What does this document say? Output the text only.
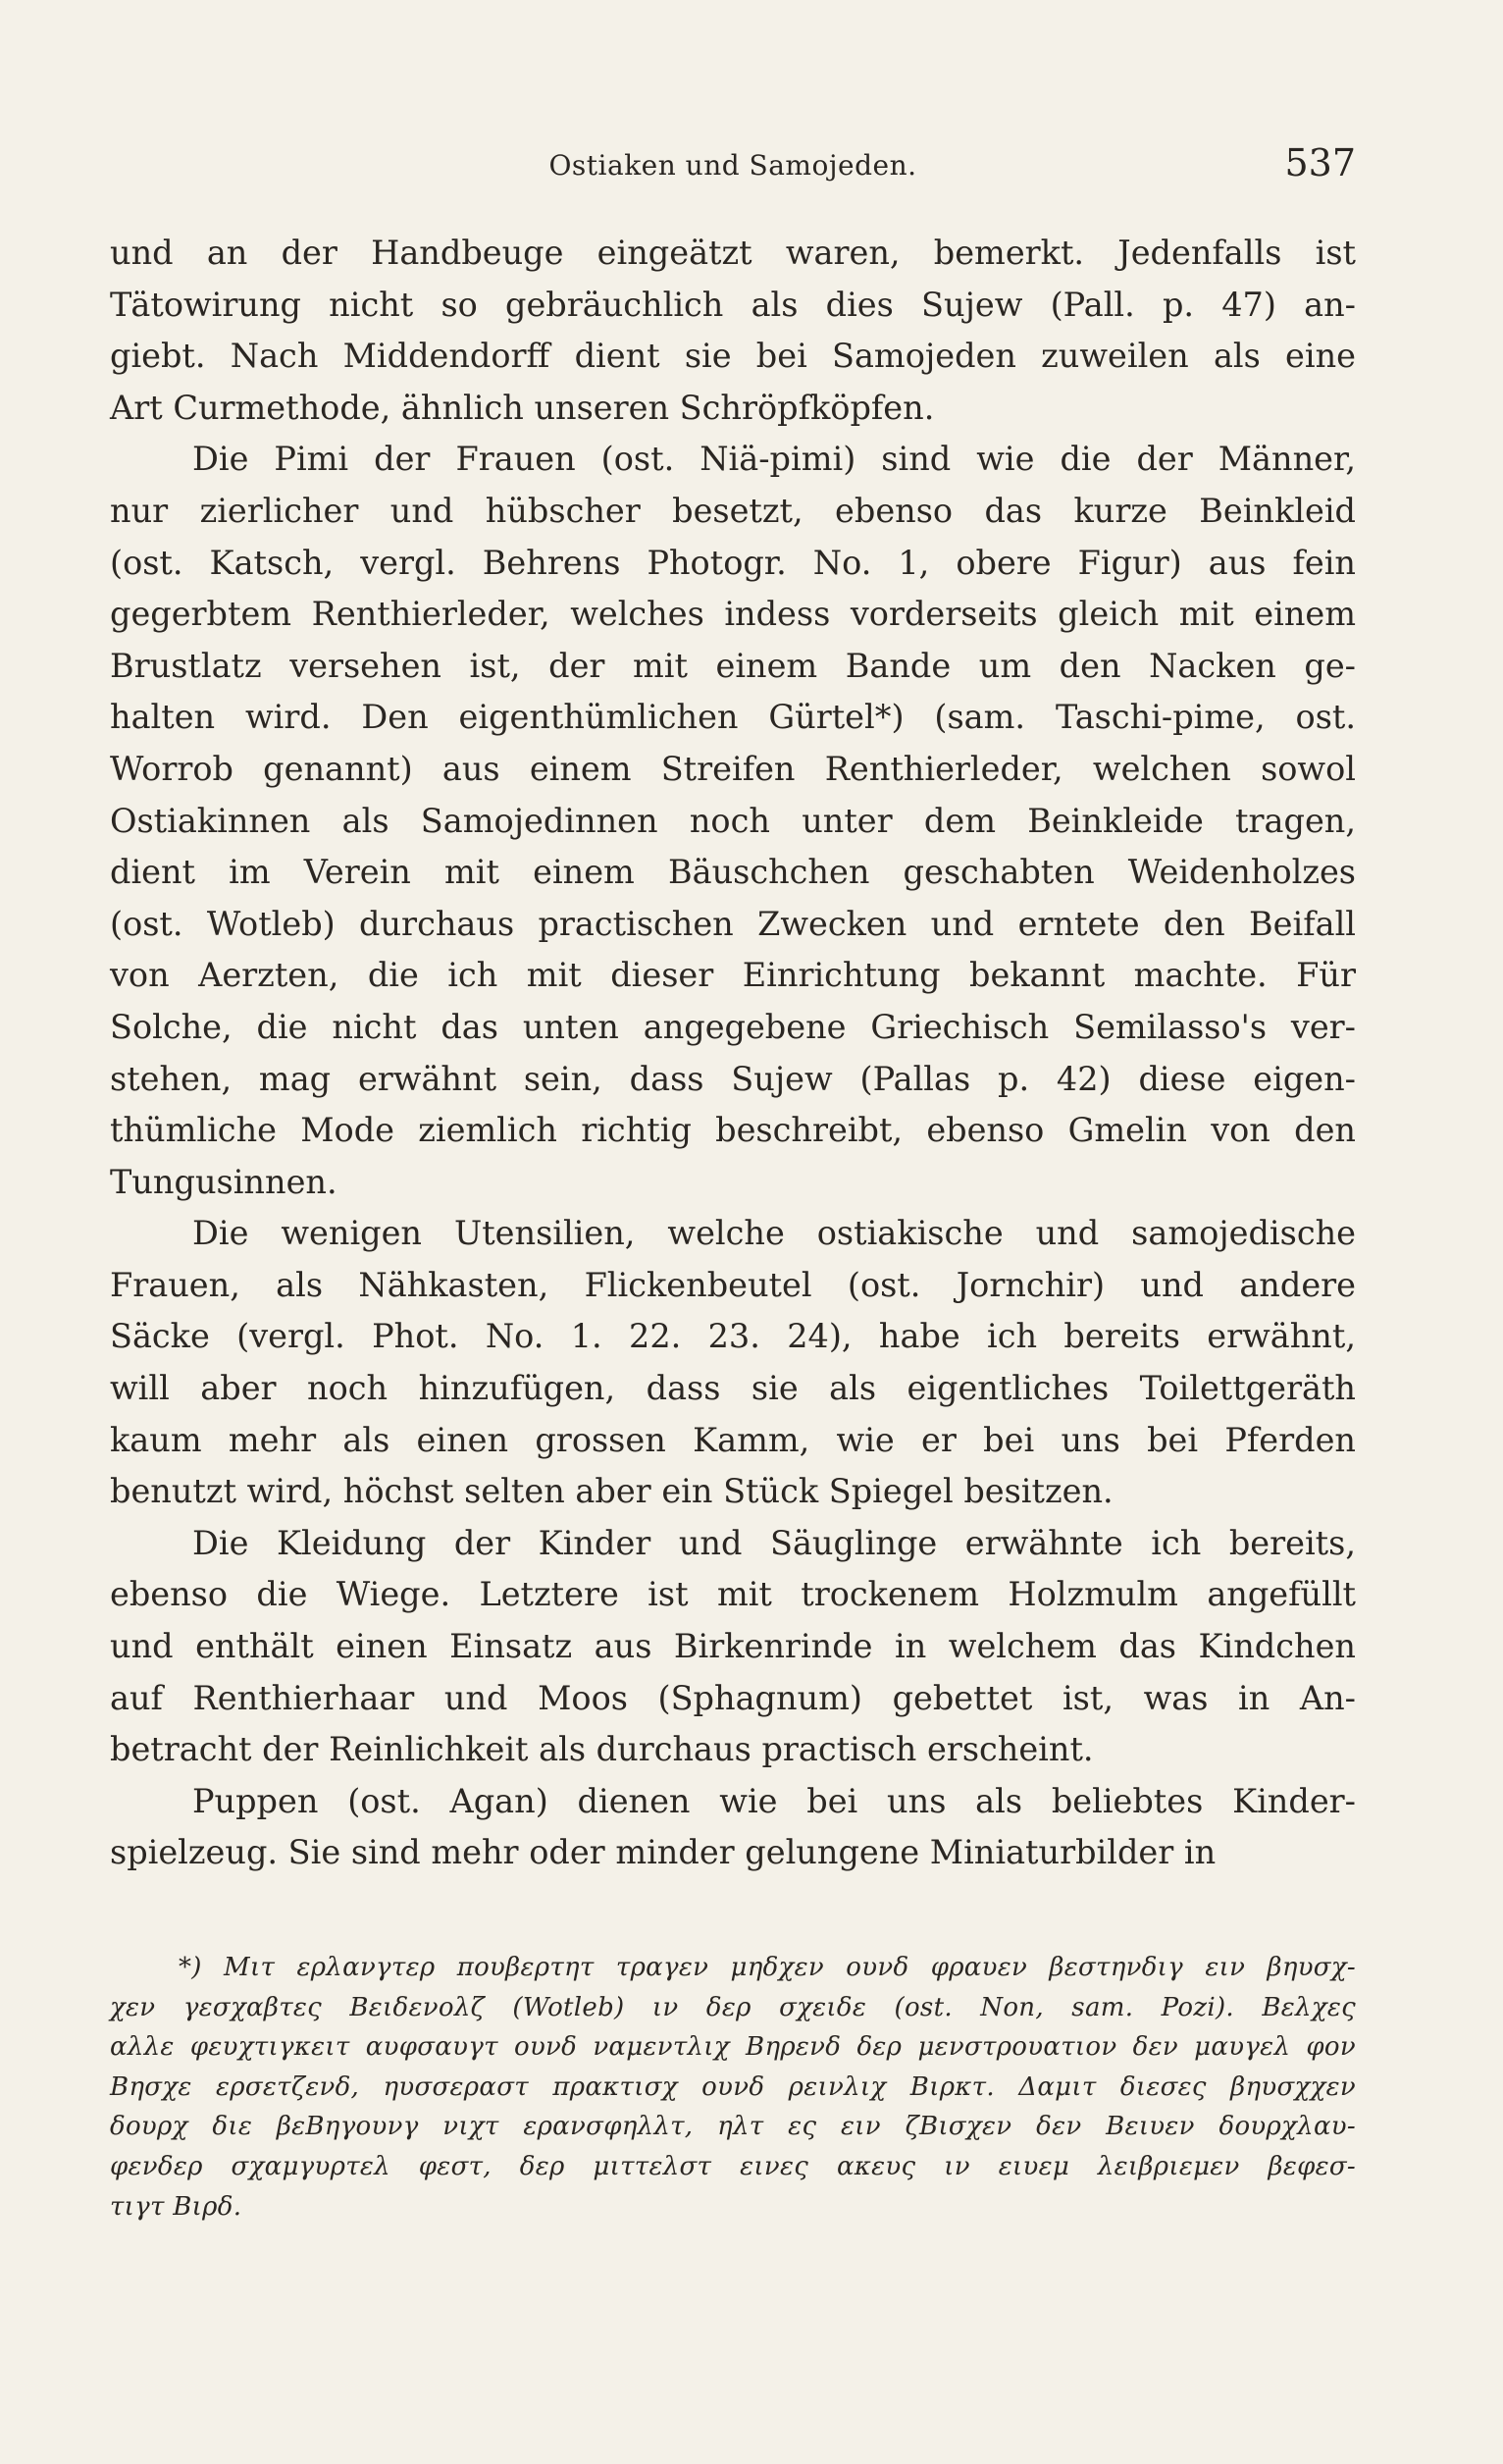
Ostiaken und Samojeden.	537
und an der Handbeuge eingeätzt waren, bemerkt. Jedenfalls ist
Tätowirung nicht so gebräuchlich als dies Sujew (Pall. p. 47) an-
giebt. Nach Middendorff dient sie bei Samojeden zuweilen als eine
Art Curmethode, ähnlich unseren Schröpfköpfen.
Die Pimi der Frauen (ost. Niä-pimi) sind wie die der Männer,
nur zierlicher und hübscher besetzt, ebenso das kurze Beinkleid
(ost. Katsch, vergl. Behrens Photogr. No. 1, obere Figur) aus fein
gegerbtem Renthierleder, welches indess vorderseits gleich mit einem
Brustlatz versehen ist, der mit einem Bande um den Nacken ge-
halten wird. Den eigenthümlichen Gürtel*) (sam. Taschi-pime, ost.
Worrob genannt) aus einem Streifen Renthierleder, welchen sowol
Ostiakinnen als Samojedinnen noch unter dem Beinkleide tragen,
dient im Verein mit einem Bäuschchen geschabten Weidenholzes
(ost. Wotleb) durchaus practischen Zwecken und erntete den Beifall
von Aerzten, die ich mit dieser Einrichtung bekannt machte. Für
Solche, die nicht das unten angegebene Griechisch Semilasso's ver-
stehen, mag erwähnt sein, dass Sujew (Pallas p. 42) diese eigen-
thümliche Mode ziemlich richtig beschreibt, ebenso Gmelin von den
Tungusinnen.
Die wenigen Utensilien, welche ostiakische und samojedische
Frauen, als Nähkasten, Flickenbeutel (ost. Jornchir) und andere
Säcke (vergl. Phot. No. 1. 22. 23. 24), habe ich bereits erwähnt,
will aber noch hinzufügen, dass sie als eigentliches Toilettgeräth
kaum mehr als einen grossen Kamm, wie er bei uns bei Pferden
benutzt wird, höchst selten aber ein Stück Spiegel besitzen.
Die Kleidung der Kinder und Säuglinge erwähnte ich bereits,
ebenso die Wiege. Letztere ist mit trockenem Holzmulm angefüllt
und enthält einen Einsatz aus Birkenrinde in welchem das Kindchen
auf Renthierhaar und Moos (Sphagnum) gebettet ist, was in An-
betracht der Reinlichkeit als durchaus practisch erscheint.
Puppen (ost. Agan) dienen wie bei uns als beliebtes Kinder-
spielzeug. Sie sind mehr oder minder gelungene Miniaturbilder in
*) Μιτ ερλανγτερ πουβερτητ τραγεν μηδχεν ουνδ φραυεν βεστηνδιγ ειν βηυσχ-
χεν γεσχαβτες Βειδενολζ (Wotleb) ιν δερ σχειδε (ost. Non, sam. Pozi). Βελχες
αλλε φευχτιγκειτ αυφσαυγτ ουνδ ναμεντλιχ Βηρενδ δερ μενστρουατιον δεν μαυγελ φον
Βησχε ερσετζενδ, ηυσσεραστ πρακτισχ ουνδ ρεινλιχ Βιρκτ. Δαμιτ διεσες βηυσχχεν
δουρχ διε βεΒηγουνγ νιχτ ερανσφηλλτ, ηλτ ες ειν ζΒισχεν δεν Βειυεν δουρχλαυ-
φενδερ σχαμγυρτελ φεστ, δερ μιττελστ εινες ακευς ιν ειυεμ λειβριεμεν βεφεσ-
τιγτ Βιρδ.
